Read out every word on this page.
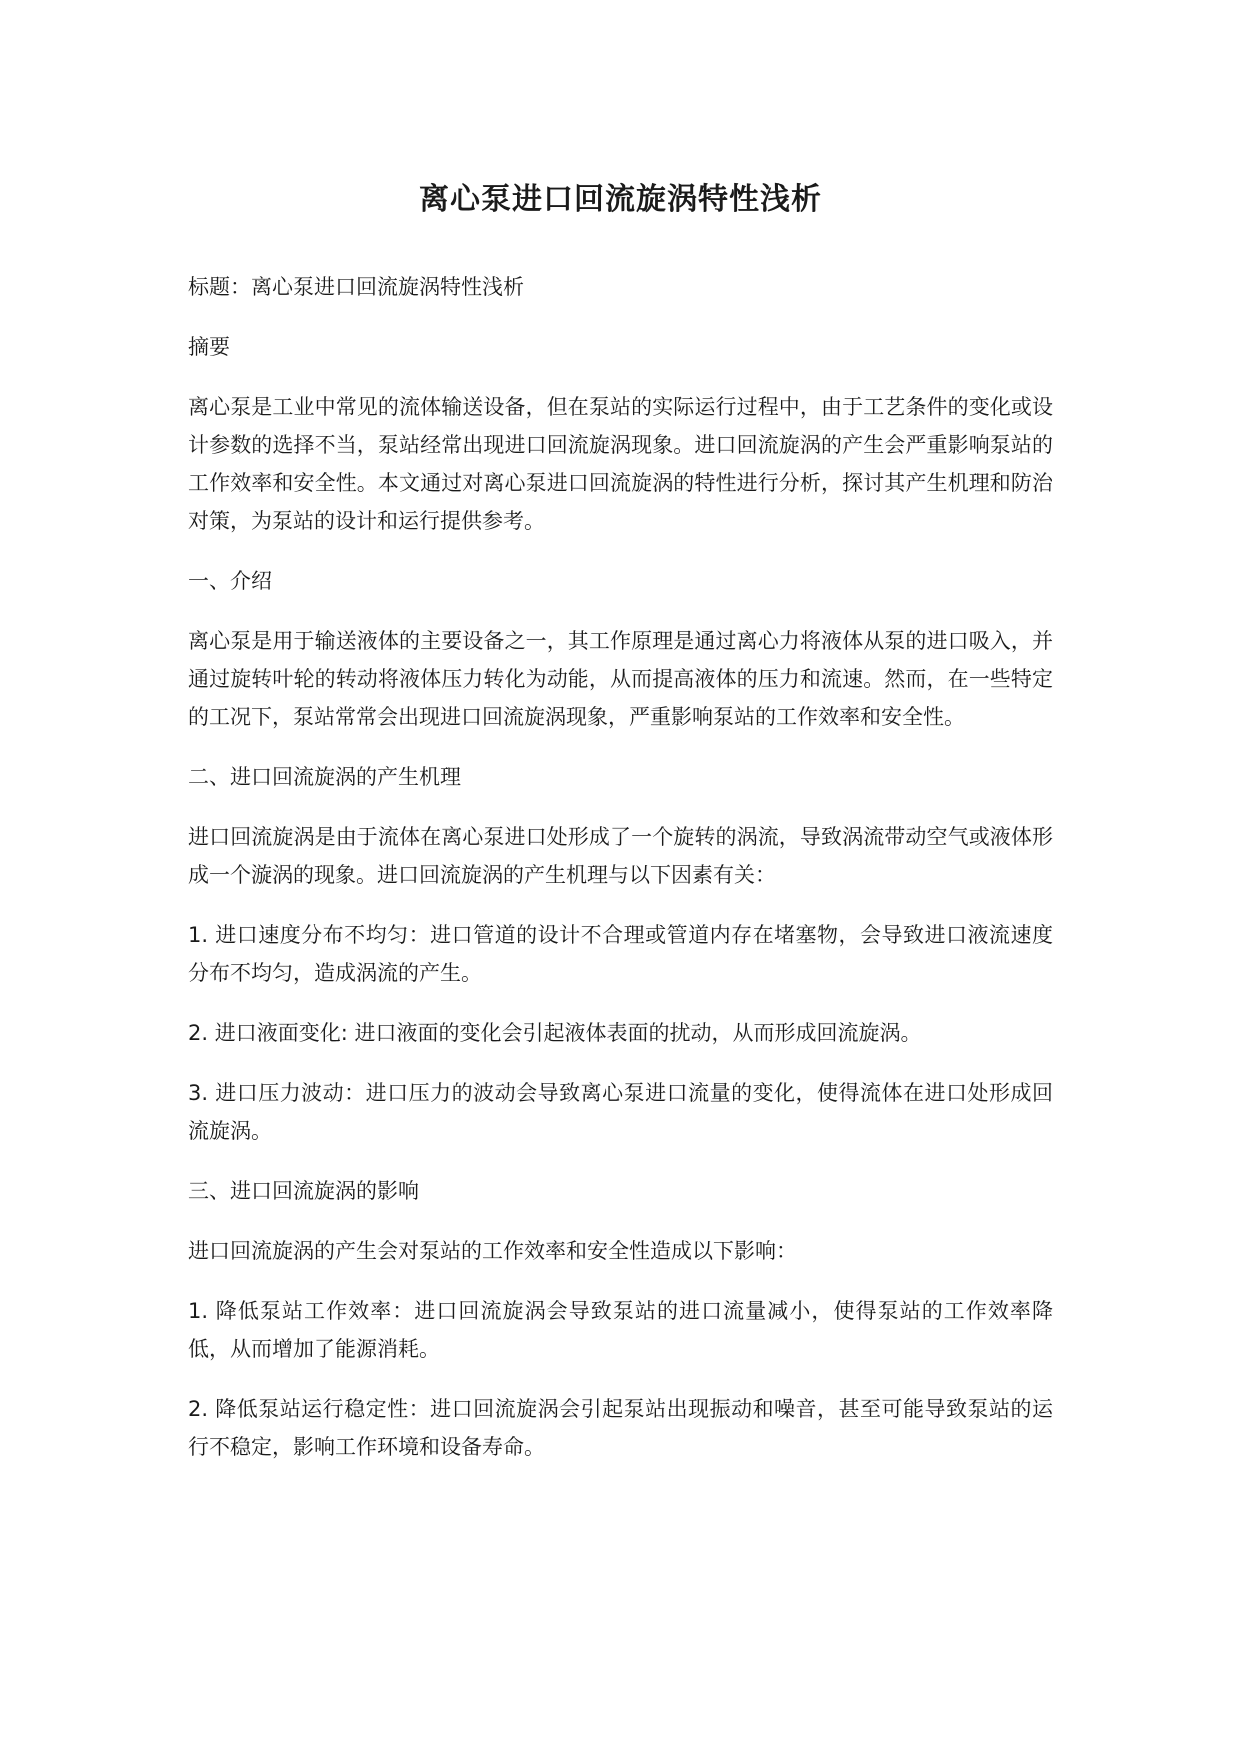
离心泵进口回流旋涡特性浅析

标题：离心泵进口回流旋涡特性浅析

摘要

离心泵是工业中常见的流体输送设备，但在泵站的实际运行过程中，由于工艺条件的变化或设计参数的选择不当，泵站经常出现进口回流旋涡现象。进口回流旋涡的产生会严重影响泵站的工作效率和安全性。本文通过对离心泵进口回流旋涡的特性进行分析，探讨其产生机理和防治对策，为泵站的设计和运行提供参考。

一、介绍

离心泵是用于输送液体的主要设备之一，其工作原理是通过离心力将液体从泵的进口吸入，并通过旋转叶轮的转动将液体压力转化为动能，从而提高液体的压力和流速。然而，在一些特定的工况下，泵站常常会出现进口回流旋涡现象，严重影响泵站的工作效率和安全性。

二、进口回流旋涡的产生机理

进口回流旋涡是由于流体在离心泵进口处形成了一个旋转的涡流，导致涡流带动空气或液体形成一个漩涡的现象。进口回流旋涡的产生机理与以下因素有关：

1. 进口速度分布不均匀：进口管道的设计不合理或管道内存在堵塞物，会导致进口液流速度分布不均匀，造成涡流的产生。

2. 进口液面变化: 进口液面的变化会引起液体表面的扰动，从而形成回流旋涡。

3. 进口压力波动：进口压力的波动会导致离心泵进口流量的变化，使得流体在进口处形成回流旋涡。

三、进口回流旋涡的影响

进口回流旋涡的产生会对泵站的工作效率和安全性造成以下影响：

1. 降低泵站工作效率：进口回流旋涡会导致泵站的进口流量减小，使得泵站的工作效率降低，从而增加了能源消耗。

2. 降低泵站运行稳定性：进口回流旋涡会引起泵站出现振动和噪音，甚至可能导致泵站的运行不稳定，影响工作环境和设备寿命。
